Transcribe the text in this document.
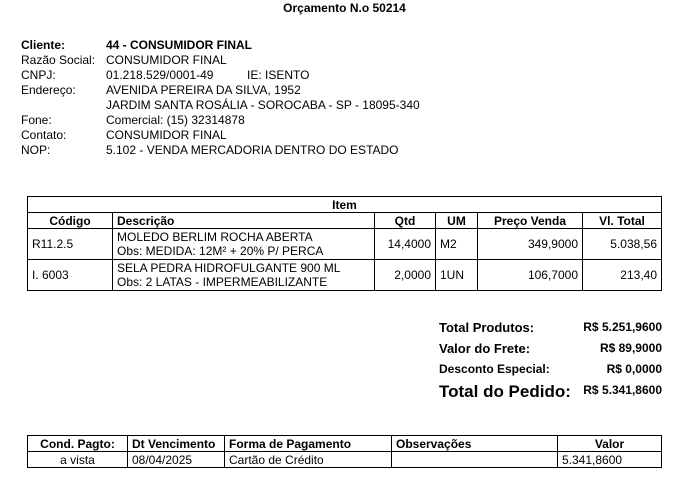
Orçamento N.o 50214
Cliente:	44 - CONSUMIDOR FINAL
Razão Social: CONSUMIDOR FINAL
CNPJ:	01.218.529/0001-49	IE: ISENTO
Endereço:	AVENIDA PEREIRA DA SILVA, 1952
JARDIM SANTA ROSÁLIA - SOROCABA - SP - 18095-340
Fone:	Comercial: (15) 32314878
Contato:	CONSUMIDOR FINAL
NOP:	5.102 - VENDA MERCADORIA DENTRO DO ESTADO
Item					
Código	Descrição	Qtd	UM	Preço Venda	Vl. Total
R11.2.5	MOLEDO BERLIM ROCHA ABERTA
Obs: MEDIDA: 12M² + 20% P/ PERCA	14,4000	M2	349,9000	5.038,56
I. 6003	SELA PEDRA HIDROFULGANTE 900 ML
Obs: 2 LATAS - IMPERMEABILIZANTE	2,0000	1UN	106,7000	213,40
Total Produtos:	R$ 5.251,9600
Valor do Frete:	R$ 89,9000
Desconto Especial:	R$ 0,0000
Total do Pedido: R$ 5.341,8600
Cond. Pagto:	Dt Vencimento	Forma de Pagamento	Observações	Valor
a vista	08/04/2025	Cartão de Crédito		5.341,8600
